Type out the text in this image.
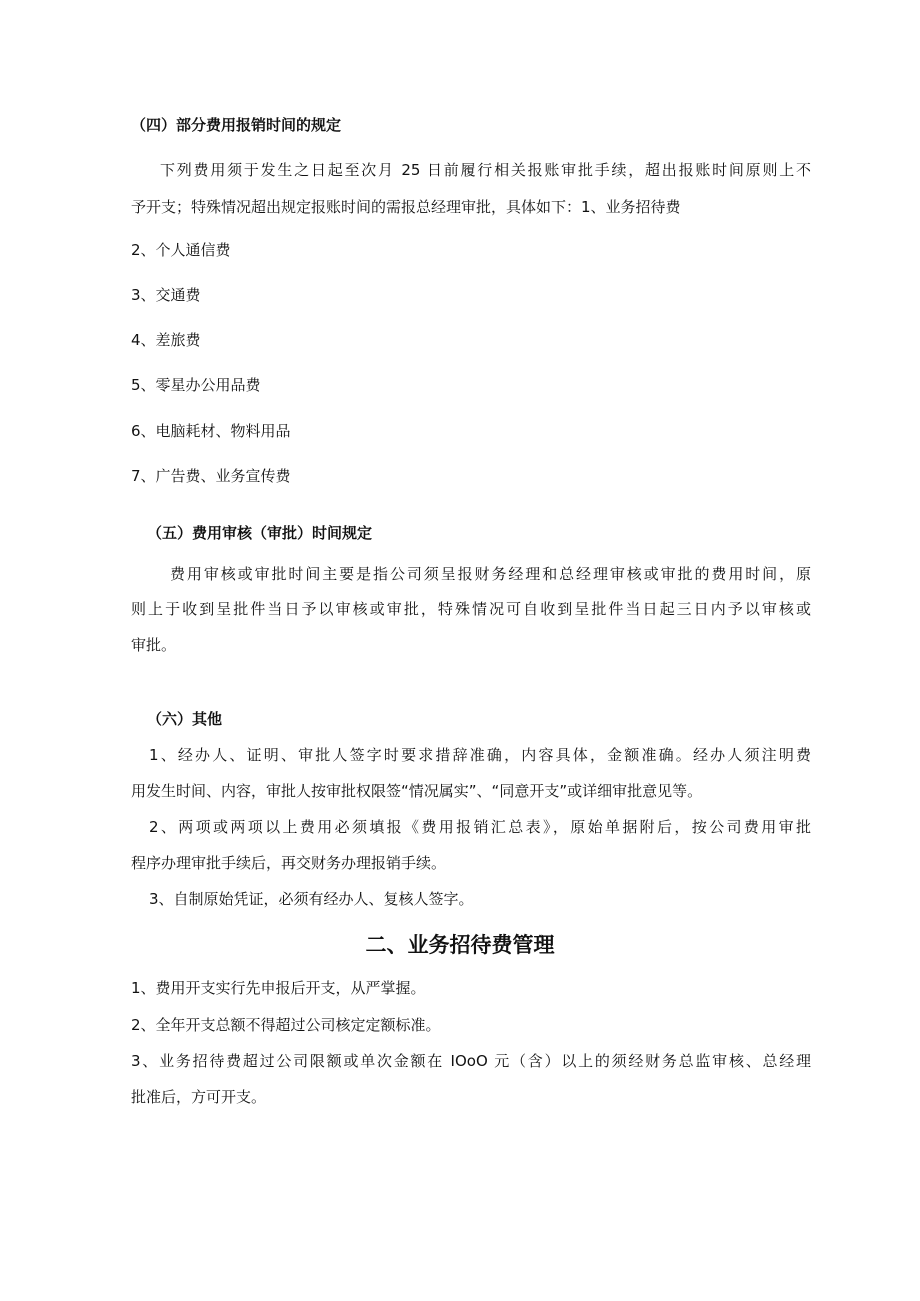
（四）部分费用报销时间的规定

下列费用须于发生之日起至次月 25 日前履行相关报账审批手续，超出报账时间原则上不

予开支；特殊情况超出规定报账时间的需报总经理审批，具体如下：1、业务招待费

2、个人通信费

3、交通费

4、差旅费

5、零星办公用品费

6、电脑耗材、物料用品

7、广告费、业务宣传费

（五）费用审核（审批）时间规定

费用审核或审批时间主要是指公司须呈报财务经理和总经理审核或审批的费用时间，原

则上于收到呈批件当日予以审核或审批，特殊情况可自收到呈批件当日起三日内予以审核或

审批。

（六）其他

1、经办人、证明、审批人签字时要求措辞准确，内容具体，金额准确。经办人须注明费

用发生时间、内容，审批人按审批权限签“情况属实”、“同意开支”或详细审批意见等。

2、两项或两项以上费用必须填报《费用报销汇总表》，原始单据附后，按公司费用审批

程序办理审批手续后，再交财务办理报销手续。

3、自制原始凭证，必须有经办人、复核人签字。

二、业务招待费管理

1、费用开支实行先申报后开支，从严掌握。

2、全年开支总额不得超过公司核定定额标准。

3、业务招待费超过公司限额或单次金额在 IOoO 元（含）以上的须经财务总监审核、总经理

批准后，方可开支。
